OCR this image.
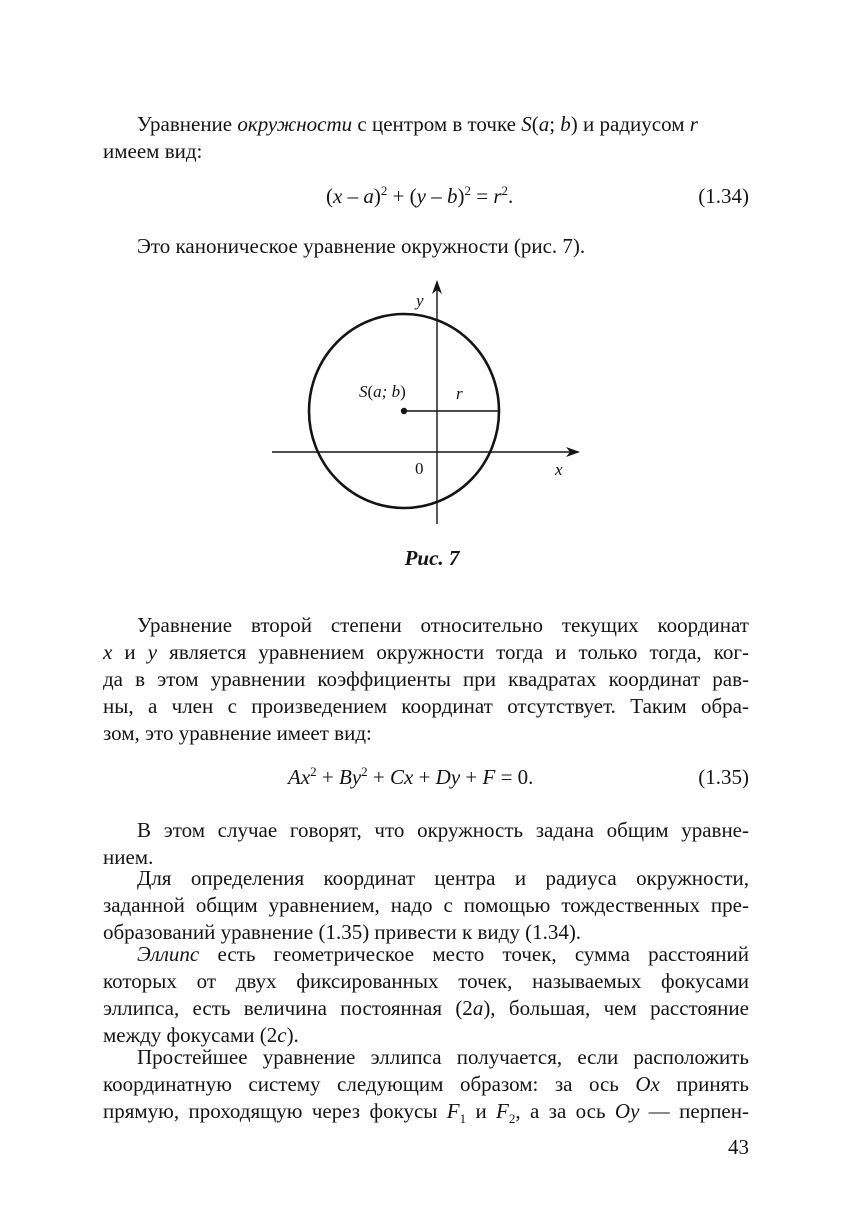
Уравнение окружности с центром в точке S(a; b) и радиусом r
имеем вид:
$(x - a)^2 + (y - b)^2 = r^2$.	(1.34)
Это каноническое уравнение окружности (рис. 7).
y
x
0
S(a; b)	r
Рис. 7
Уравнение второй степени относительно текущих координат
x и y является уравнением окружности тогда и только тогда, ког-
да в этом уравнении коэффициенты при квадратах координат рав-
ны, а член с произведением координат отсутствует. Таким обра-
зом, это уравнение имеет вид:
$Ax^2 + By^2 + Cx + Dy + F = 0$.	(1.35)
В этом случае говорят, что окружность задана общим уравне-
нием.
Для определения координат центра и радиуса окружности,
заданной общим уравнением, надо с помощью тождественных пре-
образований уравнение (1.35) привести к виду (1.34).
Эллипс есть геометрическое место точек, сумма расстояний
которых от двух фиксированных точек, называемых фокусами
эллипса, есть величина постоянная (2a), большая, чем расстояние
между фокусами (2c).
Простейшее уравнение эллипса получается, если расположить
координатную систему следующим образом: за ось Ox принять
прямую, проходящую через фокусы $F_1$ и $F_2$, а за ось Oy — перпен-
43
